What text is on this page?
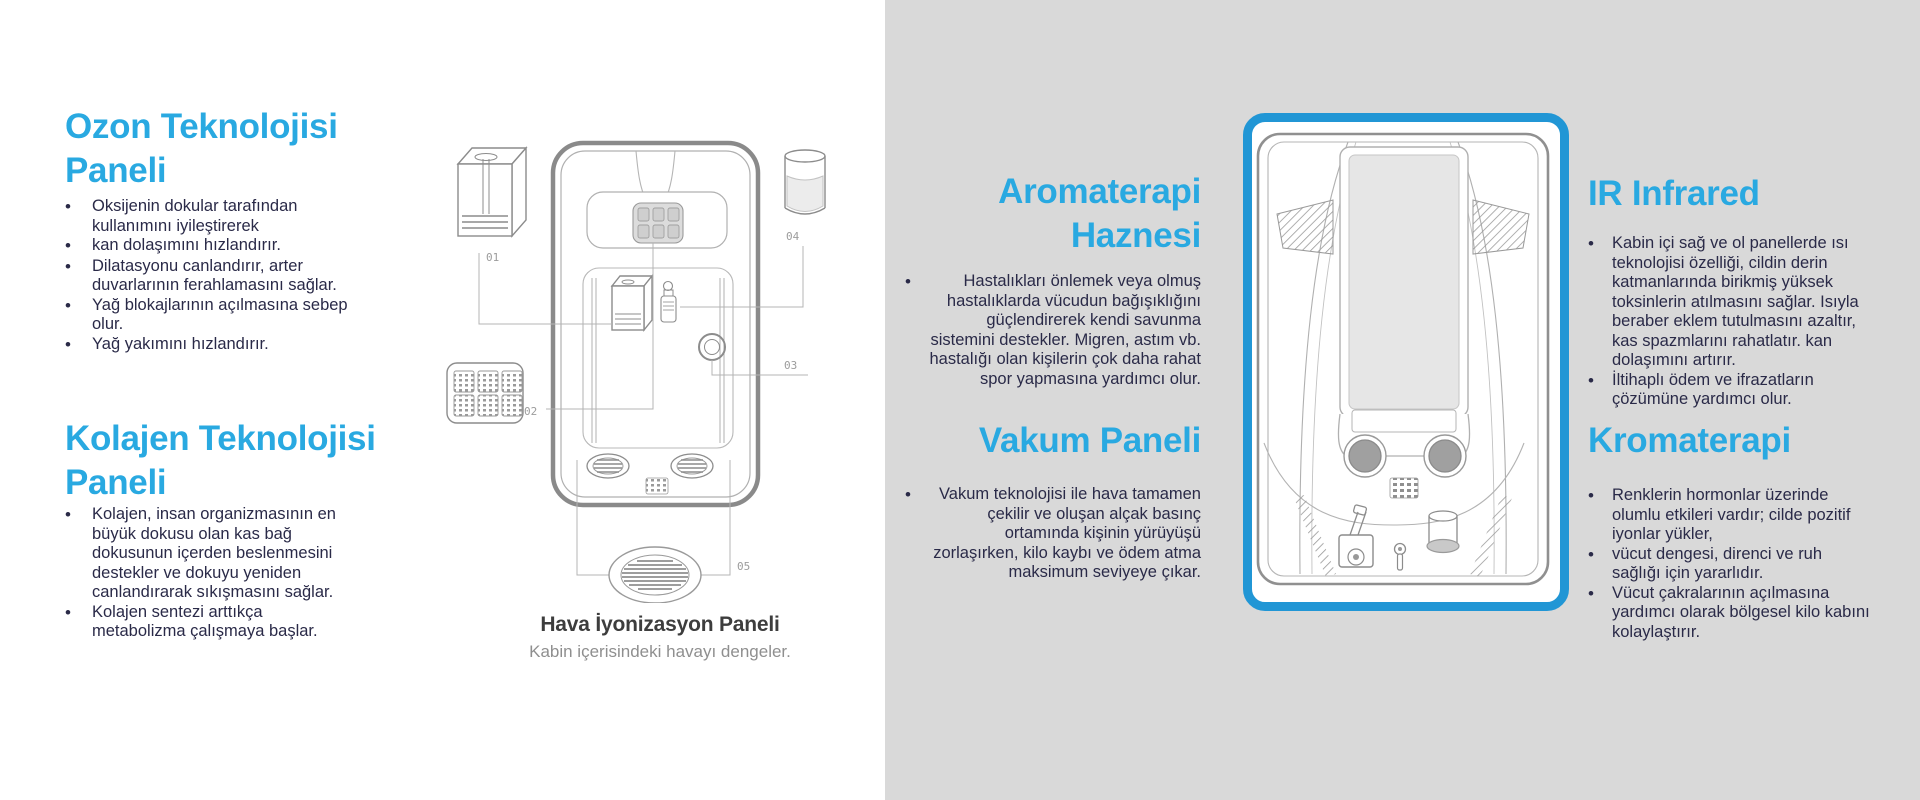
Ozon Teknolojisi Paneli
•
Oksijenin dokular tarafından kullanımını iyileştirerek
•
kan dolaşımını hızlandırır.
•
Dilatasyonu canlandırır, arter duvarlarının ferahlamasını sağlar.
•
Yağ blokajlarının açılmasına sebep olur.
•
Yağ yakımını hızlandırır.
Kolajen Teknolojisi Paneli
•
Kolajen, insan organizmasının en büyük dokusu olan kas bağ dokusunun içerden beslenmesini destekler ve dokuyu yeniden canlandırarak sıkışmasını sağlar.
•
Kolajen sentezi arttıkça metabolizma çalışmaya başlar.
01
02
03
04
05
Hava İyonizasyon Paneli
Kabin içerisindeki havayı dengeler.
Aromaterapi Haznesi
•
Hastalıkları önlemek veya olmuş hastalıklarda vücudun bağışıklığını güçlendirerek kendi savunma sistemini destekler. Migren, astım vb. hastalığı olan kişilerin çok daha rahat spor yapmasına yardımcı olur.
Vakum Paneli
•
Vakum teknolojisi ile hava tamamen çekilir ve oluşan alçak basınç ortamında kişinin yürüyüşü zorlaşırken, kilo kaybı ve ödem atma maksimum seviyeye çıkar.
IR Infrared
•
Kabin içi sağ ve ol panellerde ısı teknolojisi özelliği, cildin derin katmanlarında birikmiş yüksek toksinlerin atılmasını sağlar. Isıyla beraber eklem tutulmasını azaltır, kas spazmlarını rahatlatır. kan dolaşımını artırır.
•
İltihaplı ödem ve ifrazatların çözümüne yardımcı olur.
Kromaterapi
•
Renklerin hormonlar üzerinde olumlu etkileri vardır; cilde pozitif iyonlar yükler,
•
vücut dengesi, direnci ve ruh sağlığı için yararlıdır.
•
Vücut çakralarının açılmasına yardımcı olarak bölgesel kilo kabını kolaylaştırır.
